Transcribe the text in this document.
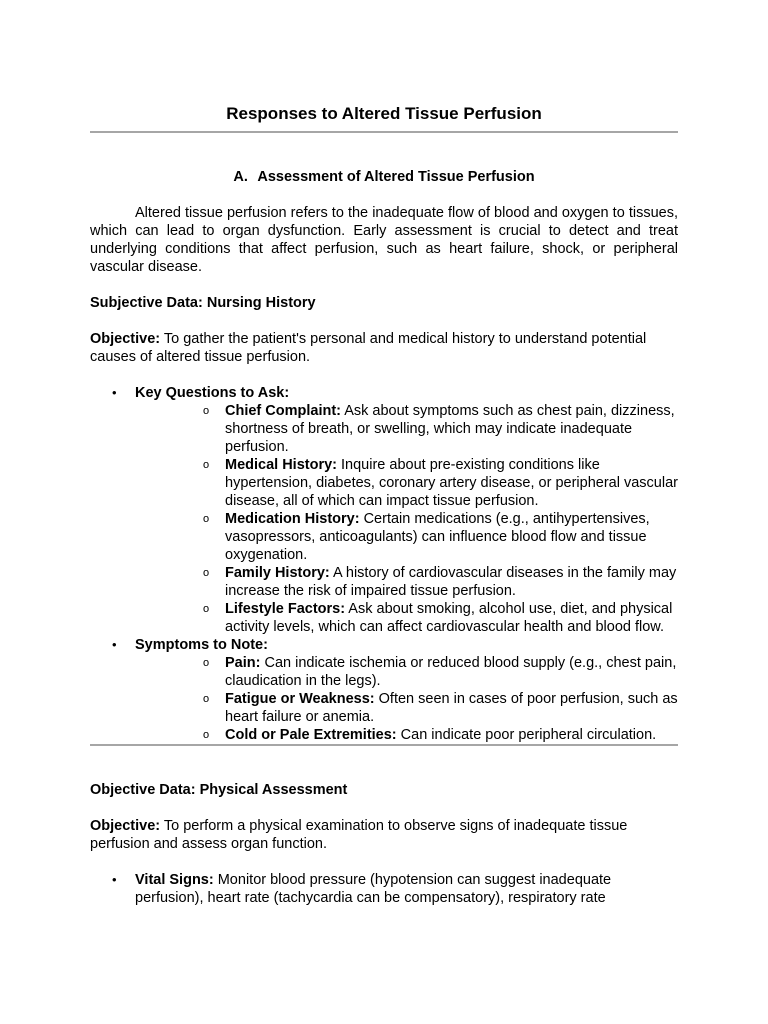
Responses to Altered Tissue Perfusion
A. Assessment of Altered Tissue Perfusion

Altered tissue perfusion refers to the inadequate flow of blood and oxygen to tissues, which can lead to organ dysfunction. Early assessment is crucial to detect and treat underlying conditions that affect perfusion, such as heart failure, shock, or peripheral vascular disease.

Subjective Data: Nursing History

Objective: To gather the patient's personal and medical history to understand potential causes of altered tissue perfusion.

• Key Questions to Ask:
o Chief Complaint: Ask about symptoms such as chest pain, dizziness, shortness of breath, or swelling, which may indicate inadequate perfusion.
o Medical History: Inquire about pre-existing conditions like hypertension, diabetes, coronary artery disease, or peripheral vascular disease, all of which can impact tissue perfusion.
o Medication History: Certain medications (e.g., antihypertensives, vasopressors, anticoagulants) can influence blood flow and tissue oxygenation.
o Family History: A history of cardiovascular diseases in the family may increase the risk of impaired tissue perfusion.
o Lifestyle Factors: Ask about smoking, alcohol use, diet, and physical activity levels, which can affect cardiovascular health and blood flow.
• Symptoms to Note:
o Pain: Can indicate ischemia or reduced blood supply (e.g., chest pain, claudication in the legs).
o Fatigue or Weakness: Often seen in cases of poor perfusion, such as heart failure or anemia.
o Cold or Pale Extremities: Can indicate poor peripheral circulation.

Objective Data: Physical Assessment

Objective: To perform a physical examination to observe signs of inadequate tissue perfusion and assess organ function.

• Vital Signs: Monitor blood pressure (hypotension can suggest inadequate perfusion), heart rate (tachycardia can be compensatory), respiratory rate
